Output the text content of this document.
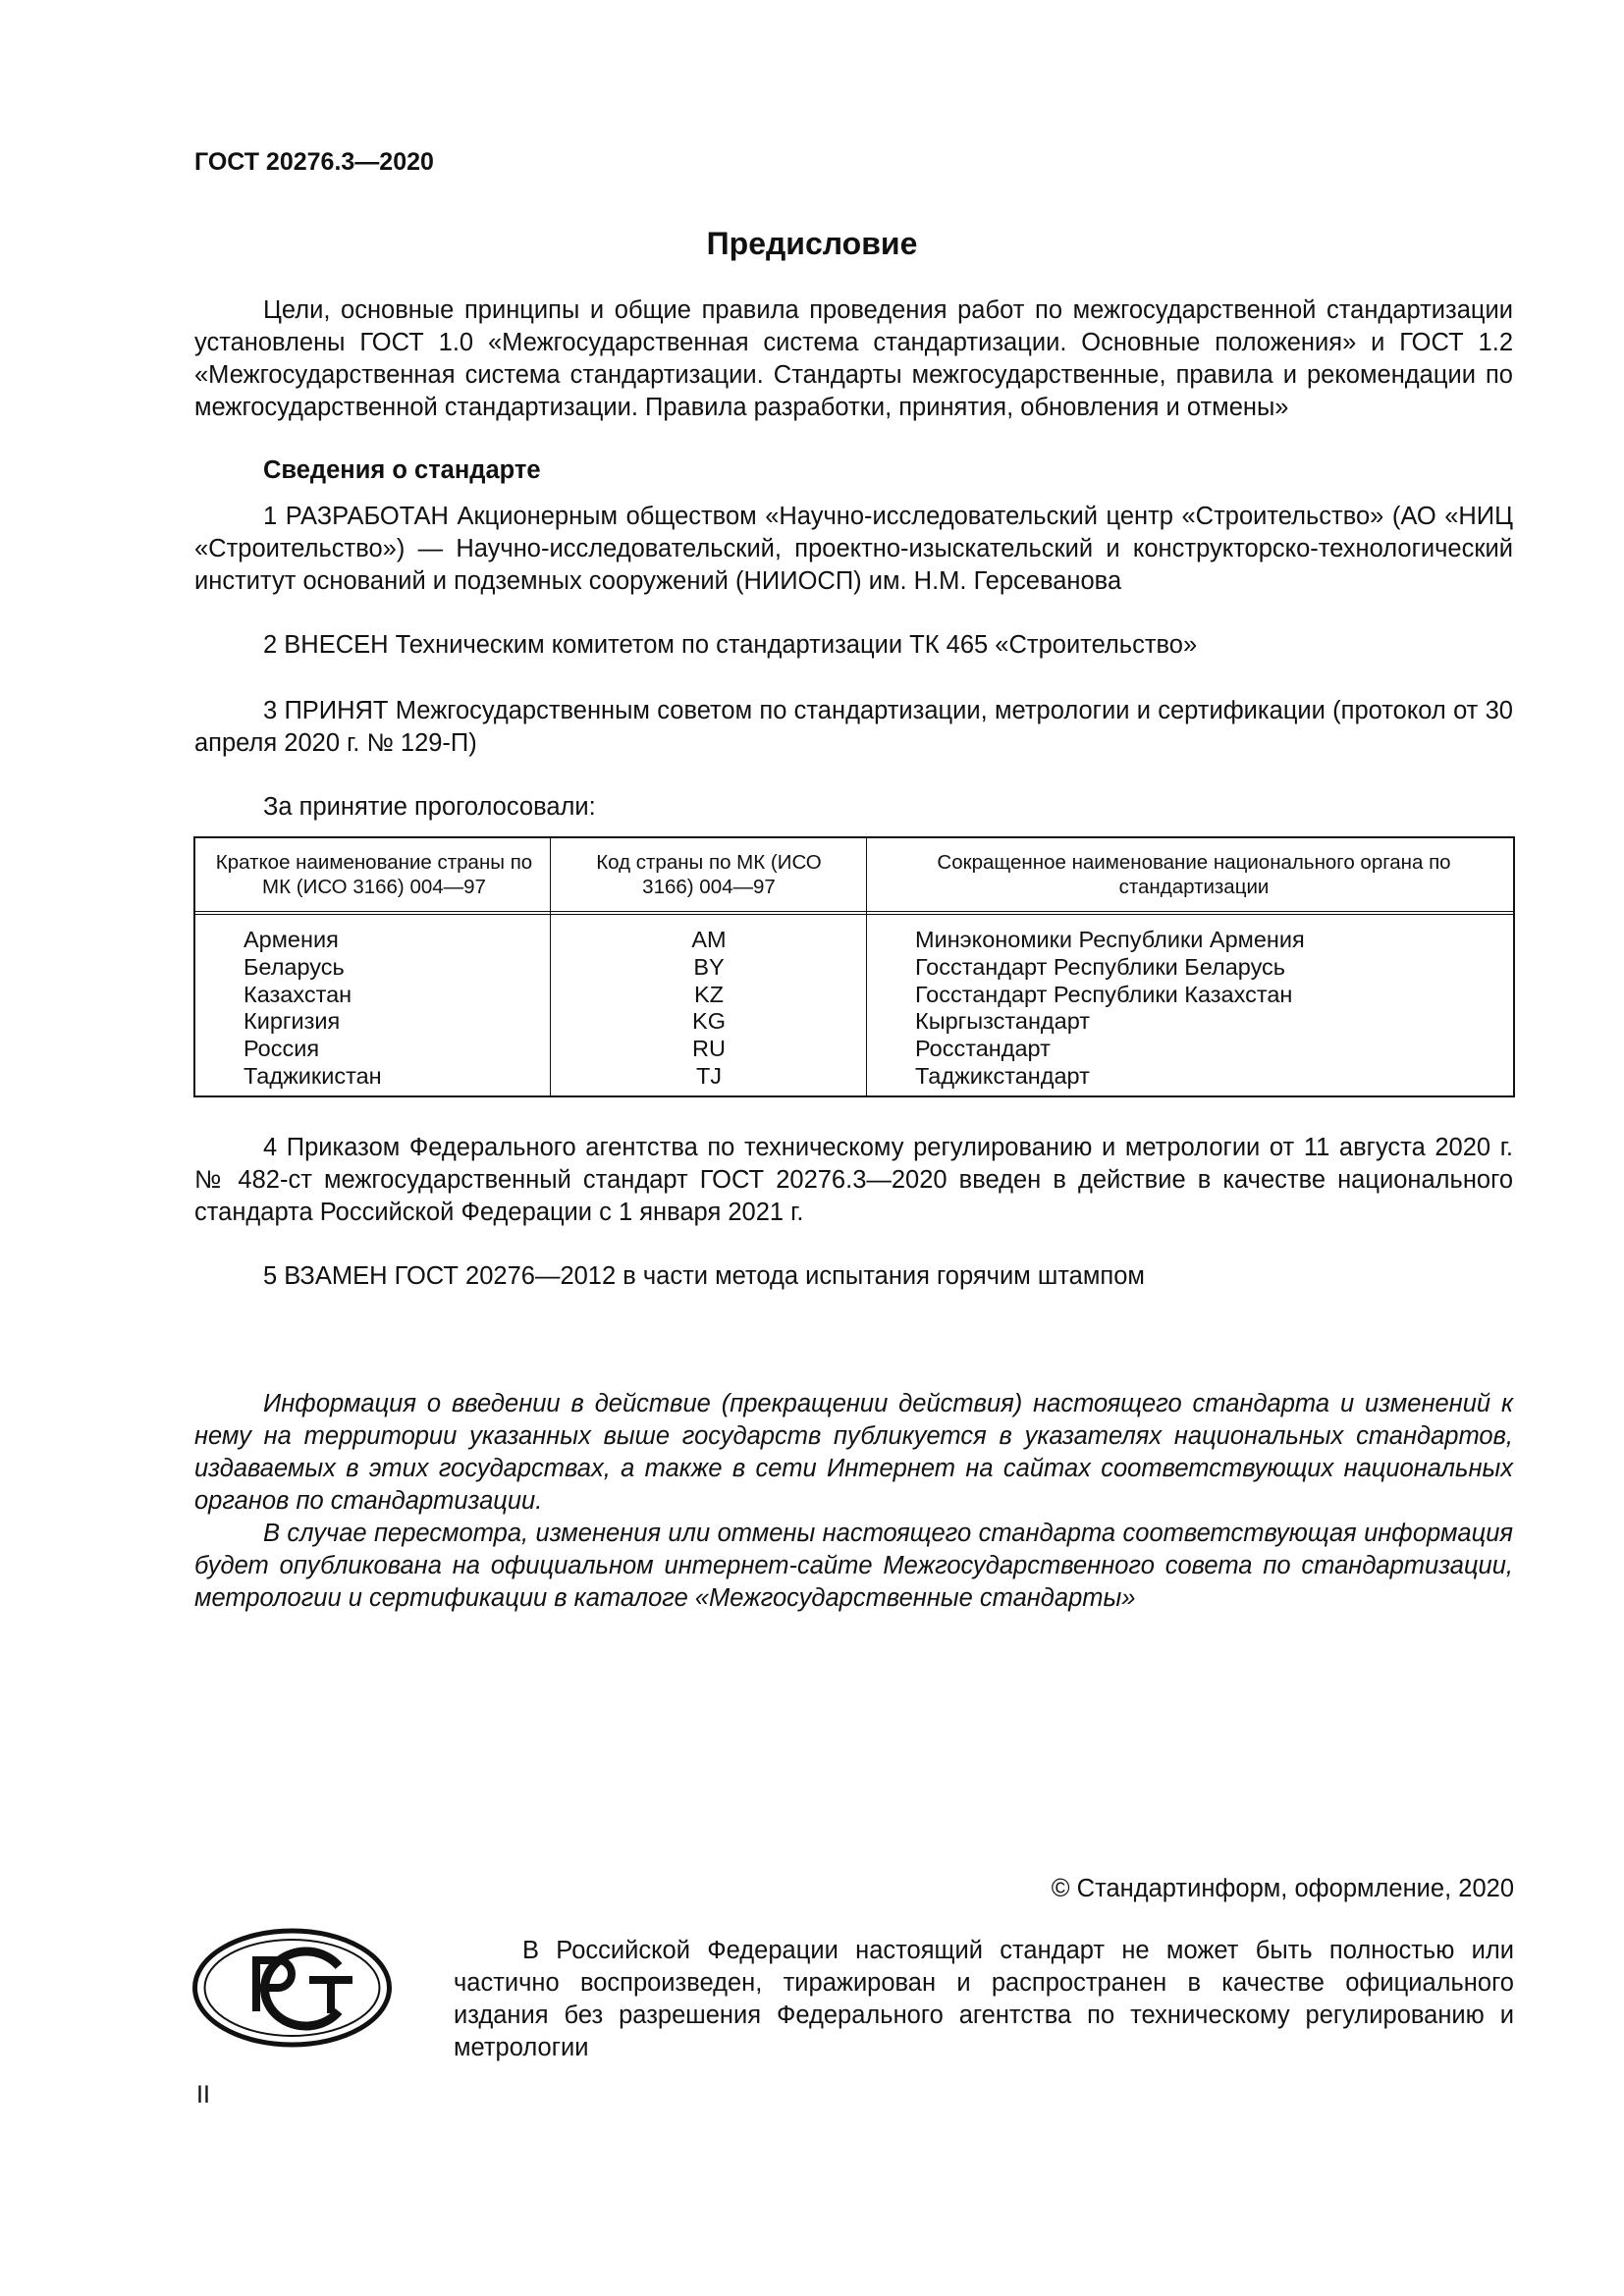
ГОСТ 20276.3—2020
Предисловие

Цели, основные принципы и общие правила проведения работ по межгосударственной стандартизации установлены ГОСТ 1.0 «Межгосударственная система стандартизации. Основные положения» и ГОСТ 1.2 «Межгосударственная система стандартизации. Стандарты межгосударственные, правила и рекомендации по межгосударственной стандартизации. Правила разработки, принятия, обновления и отмены»

Сведения о стандарте

1 РАЗРАБОТАН Акционерным обществом «Научно-исследовательский центр «Строительство» (АО «НИЦ «Строительство») — Научно-исследовательский, проектно-изыскательский и конструкторско-технологический институт оснований и подземных сооружений (НИИОСП) им. Н.М. Герсеванова

2 ВНЕСЕН Техническим комитетом по стандартизации ТК 465 «Строительство»

3 ПРИНЯТ Межгосударственным советом по стандартизации, метрологии и сертификации (протокол от 30 апреля 2020 г. № 129-П)

За принятие проголосовали:

Краткое наименование страны по МК (ИСО 3166) 004—97
Код страны по МК (ИСО 3166) 004—97
Сокращенное наименование национального органа по стандартизации
Армения
Беларусь
Казахстан
Киргизия
Россия
Таджикистан
AM
BY
KZ
KG
RU
TJ
Минэкономики Республики Армения
Госстандарт Республики Беларусь
Госстандарт Республики Казахстан
Кыргызстандарт
Росстандарт
Таджикстандарт

4 Приказом Федерального агентства по техническому регулированию и метрологии от 11 августа 2020 г. № 482-ст межгосударственный стандарт ГОСТ 20276.3—2020 введен в действие в качестве национального стандарта Российской Федерации с 1 января 2021 г.

5 ВЗАМЕН ГОСТ 20276—2012 в части метода испытания горячим штампом

Информация о введении в действие (прекращении действия) настоящего стандарта и изменений к нему на территории указанных выше государств публикуется в указателях национальных стандартов, издаваемых в этих государствах, а также в сети Интернет на сайтах соответствующих национальных органов по стандартизации.

В случае пересмотра, изменения или отмены настоящего стандарта соответствующая информация будет опубликована на официальном интернет-сайте Межгосударственного совета по стандартизации, метрологии и сертификации в каталоге «Межгосударственные стандарты»

© Стандартинформ, оформление, 2020

В Российской Федерации настоящий стандарт не может быть полностью или частично воспроизведен, тиражирован и распространен в качестве официального издания без разрешения Федерального агентства по техническому регулированию и метрологии

II
